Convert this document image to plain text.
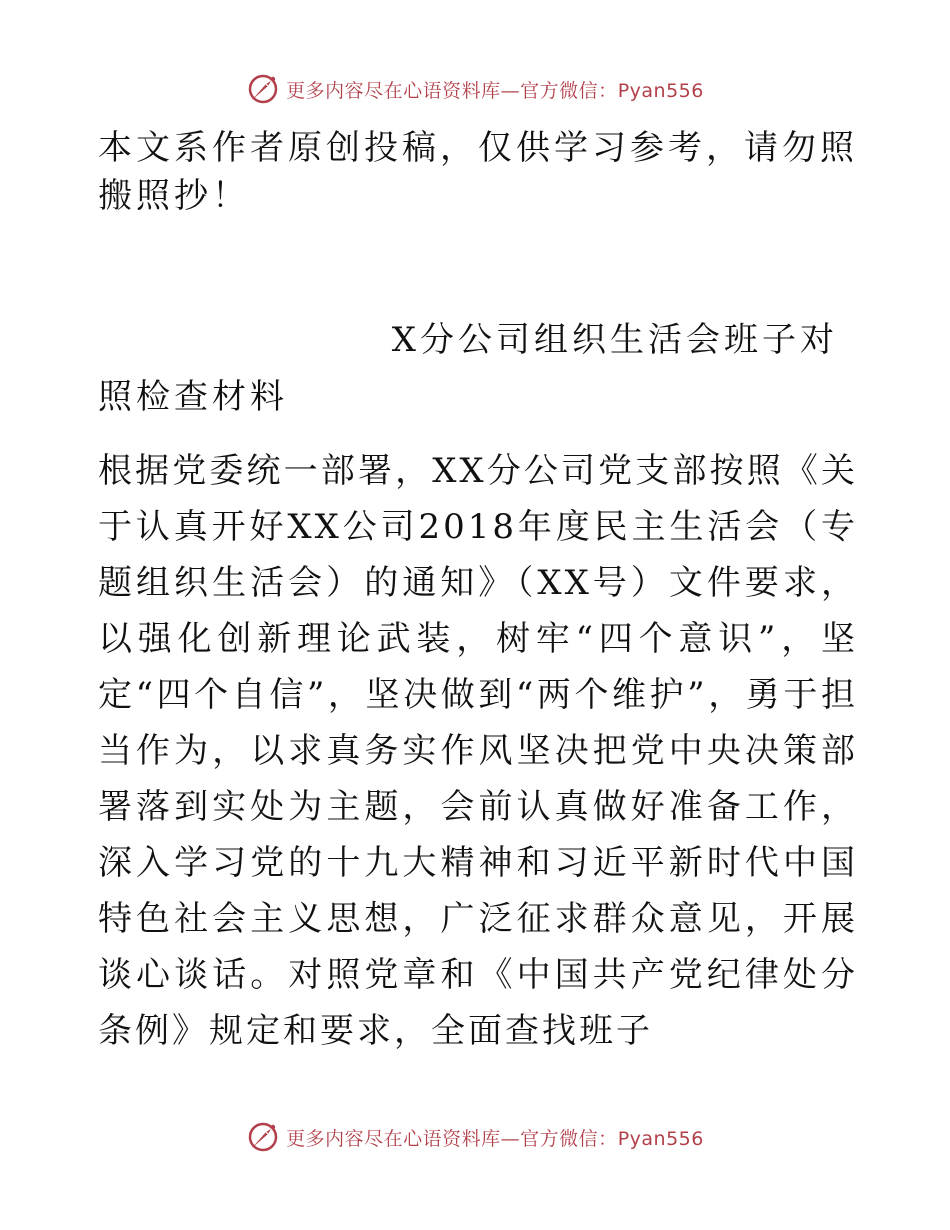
更多内容尽在心语资料库—官方微信：Pyan556

本文系作者原创投稿，仅供学习参考，请勿照搬照抄！

X分公司组织生活会班子对

照检查材料

根据党委统一部署，XX分公司党支部按照《关于认真开好XX公司2018年度民主生活会（专题组织生活会）的通知》（XX号）文件要求，以强化创新理论武装，树牢“四个意识”，坚定“四个自信”，坚决做到“两个维护”，勇于担当作为，以求真务实作风坚决把党中央决策部署落到实处为主题，会前认真做好准备工作，深入学习党的十九大精神和习近平新时代中国特色社会主义思想，广泛征求群众意见，开展谈心谈话。对照党章和《中国共产党纪律处分条例》规定和要求，全面查找班子

更多内容尽在心语资料库—官方微信：Pyan556
